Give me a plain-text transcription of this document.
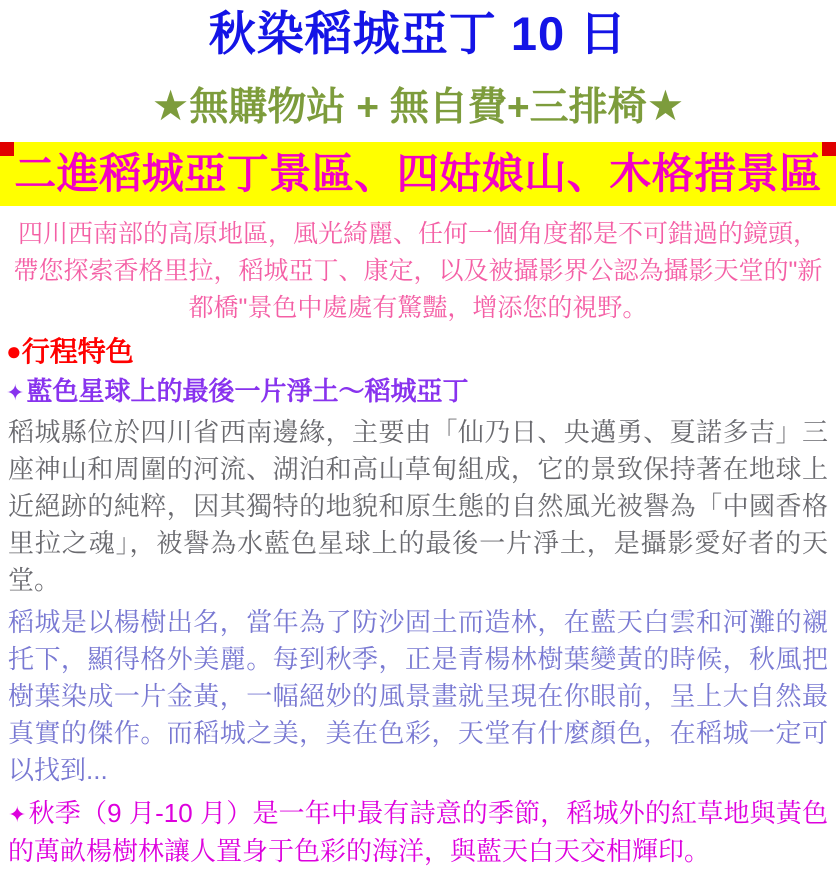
秋染稻城亞丁 10 日
★無購物站 + 無自費+三排椅★
二進稻城亞丁景區、四姑娘山、木格措景區

四川西南部的高原地區，風光綺麗、任何一個角度都是不可錯過的鏡頭，帶您探索香格里拉，稻城亞丁、康定，以及被攝影界公認為攝影天堂的"新都橋"景色中處處有驚豔，增添您的視野。

●行程特色
✦藍色星球上的最後一片淨土～稻城亞丁

稻城縣位於四川省西南邊緣，主要由「仙乃日、央邁勇、夏諾多吉」三座神山和周圍的河流、湖泊和高山草甸組成，它的景致保持著在地球上近絕跡的純粹，因其獨特的地貌和原生態的自然風光被譽為「中國香格里拉之魂」，被譽為水藍色星球上的最後一片淨土，是攝影愛好者的天堂。

稻城是以楊樹出名，當年為了防沙固土而造林，在藍天白雲和河灘的襯托下，顯得格外美麗。每到秋季，正是青楊林樹葉變黃的時候，秋風把樹葉染成一片金黃，一幅絕妙的風景畫就呈現在你眼前，呈上大自然最真實的傑作。而稻城之美，美在色彩，天堂有什麼顏色，在稻城一定可以找到...

✦秋季（9 月-10 月）是一年中最有詩意的季節，稻城外的紅草地與黃色的萬畝楊樹林讓人置身于色彩的海洋，與藍天白天交相輝印。
